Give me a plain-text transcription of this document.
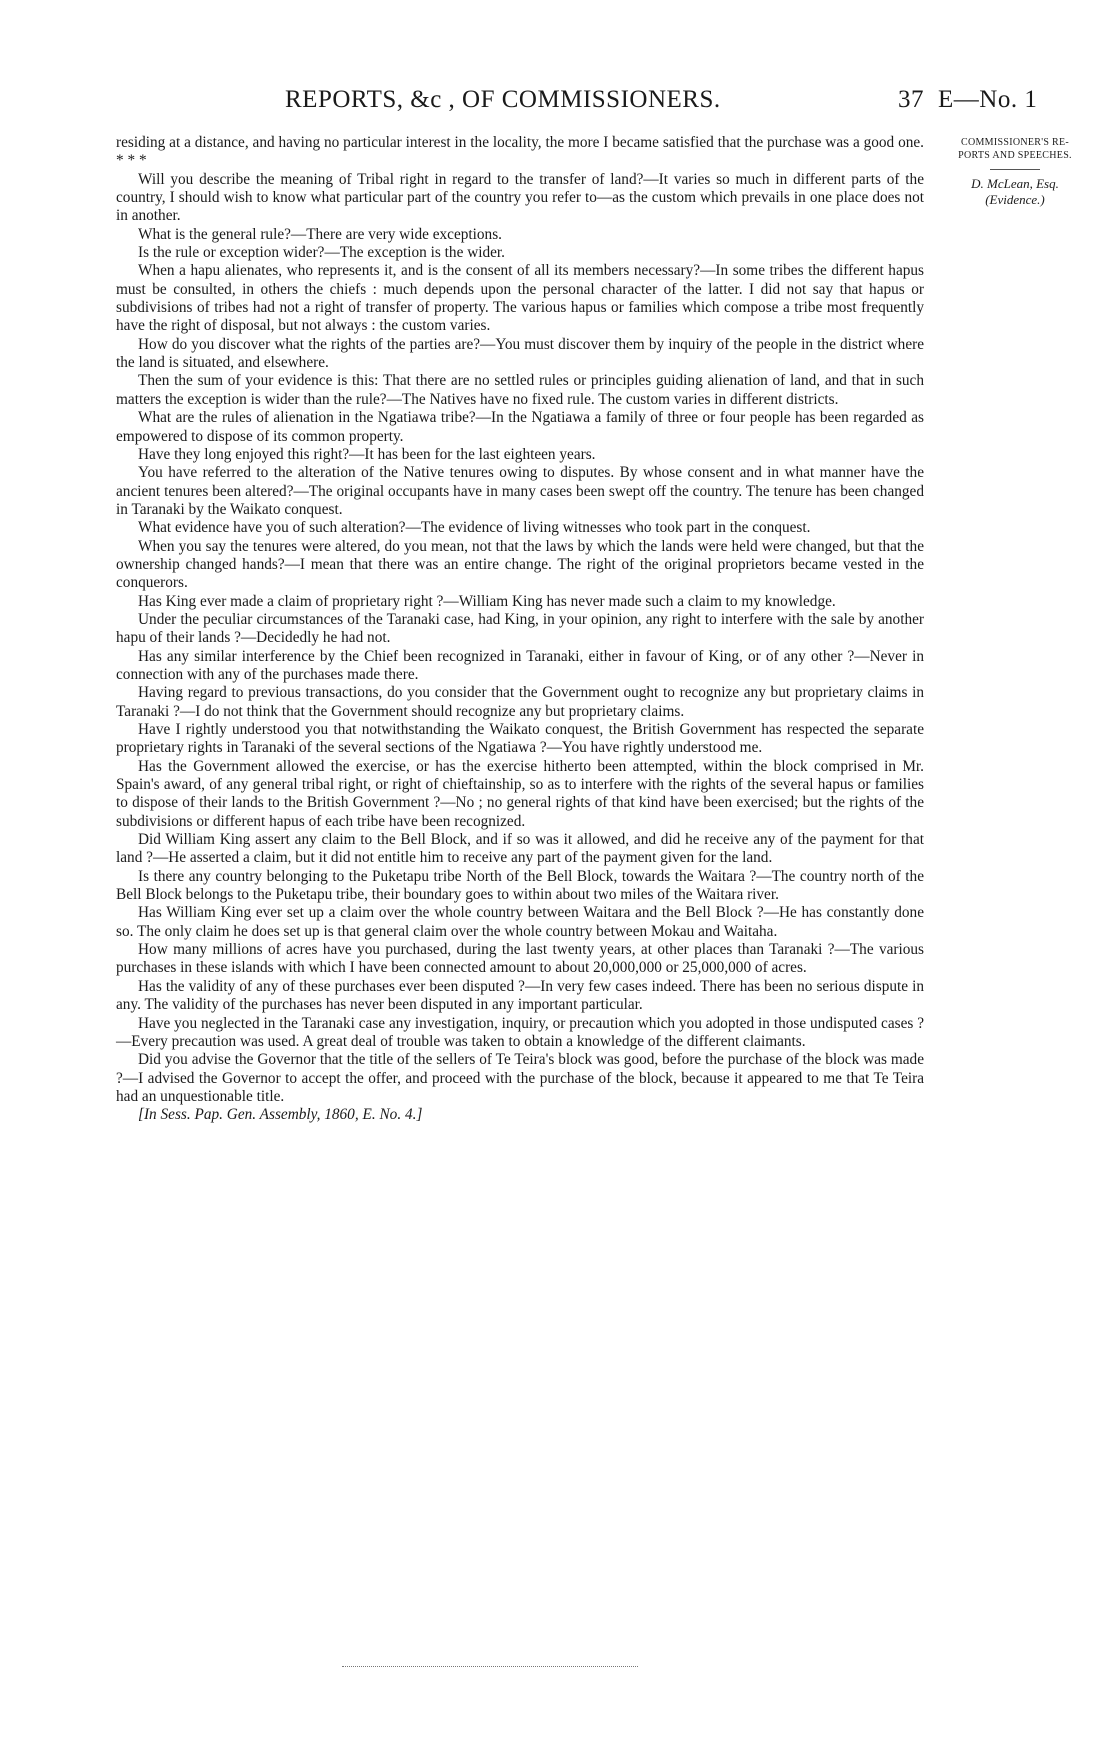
REPORTS, &c , OF COMMISSIONERS.	37 E—No. 1
COMMISSIONER'S RE-
PORTS AND SPEECHES.
D. McLean, Esq.
(Evidence.)

residing at a distance, and having no particular interest in the locality, the more I became satisfied that the purchase was a good one. * * *

Will you describe the meaning of Tribal right in regard to the transfer of land?—It varies so much in different parts of the country, I should wish to know what particular part of the country you refer to—as the custom which prevails in one place does not in another.

What is the general rule?—There are very wide exceptions.

Is the rule or exception wider?—The exception is the wider.

When a hapu alienates, who represents it, and is the consent of all its members necessary?—In some tribes the different hapus must be consulted, in others the chiefs : much depends upon the personal character of the latter. I did not say that hapus or subdivisions of tribes had not a right of transfer of property. The various hapus or families which compose a tribe most frequently have the right of disposal, but not always : the custom varies.

How do you discover what the rights of the parties are?—You must discover them by inquiry of the people in the district where the land is situated, and elsewhere.

Then the sum of your evidence is this: That there are no settled rules or principles guiding alienation of land, and that in such matters the exception is wider than the rule?—The Natives have no fixed rule. The custom varies in different districts.

What are the rules of alienation in the Ngatiawa tribe?—In the Ngatiawa a family of three or four people has been regarded as empowered to dispose of its common property.

Have they long enjoyed this right?—It has been for the last eighteen years.

You have referred to the alteration of the Native tenures owing to disputes. By whose consent and in what manner have the ancient tenures been altered?—The original occupants have in many cases been swept off the country. The tenure has been changed in Taranaki by the Waikato conquest.

What evidence have you of such alteration?—The evidence of living witnesses who took part in the conquest.

When you say the tenures were altered, do you mean, not that the laws by which the lands were held were changed, but that the ownership changed hands?—I mean that there was an entire change. The right of the original proprietors became vested in the conquerors.

Has King ever made a claim of proprietary right ?—William King has never made such a claim to my knowledge.

Under the peculiar circumstances of the Taranaki case, had King, in your opinion, any right to interfere with the sale by another hapu of their lands ?—Decidedly he had not.

Has any similar interference by the Chief been recognized in Taranaki, either in favour of King, or of any other ?—Never in connection with any of the purchases made there.

Having regard to previous transactions, do you consider that the Government ought to recognize any but proprietary claims in Taranaki ?—I do not think that the Government should recognize any but proprietary claims.

Have I rightly understood you that notwithstanding the Waikato conquest, the British Government has respected the separate proprietary rights in Taranaki of the several sections of the Ngatiawa ?—You have rightly understood me.

Has the Government allowed the exercise, or has the exercise hitherto been attempted, within the block comprised in Mr. Spain's award, of any general tribal right, or right of chieftainship, so as to interfere with the rights of the several hapus or families to dispose of their lands to the British Government ?—No ; no general rights of that kind have been exercised; but the rights of the subdivisions or different hapus of each tribe have been recognized.

Did William King assert any claim to the Bell Block, and if so was it allowed, and did he receive any of the payment for that land ?—He asserted a claim, but it did not entitle him to receive any part of the payment given for the land.

Is there any country belonging to the Puketapu tribe North of the Bell Block, towards the Waitara ?—The country north of the Bell Block belongs to the Puketapu tribe, their boundary goes to within about two miles of the Waitara river.

Has William King ever set up a claim over the whole country between Waitara and the Bell Block ?—He has constantly done so. The only claim he does set up is that general claim over the whole country between Mokau and Waitaha.

How many millions of acres have you purchased, during the last twenty years, at other places than Taranaki ?—The various purchases in these islands with which I have been connected amount to about 20,000,000 or 25,000,000 of acres.

Has the validity of any of these purchases ever been disputed ?—In very few cases indeed. There has been no serious dispute in any. The validity of the purchases has never been disputed in any important particular.

Have you neglected in the Taranaki case any investigation, inquiry, or precaution which you adopted in those undisputed cases ?—Every precaution was used. A great deal of trouble was taken to obtain a knowledge of the different claimants.

Did you advise the Governor that the title of the sellers of Te Teira's block was good, before the purchase of the block was made ?—I advised the Governor to accept the offer, and proceed with the purchase of the block, because it appeared to me that Te Teira had an unquestionable title.

[In Sess. Pap. Gen. Assembly, 1860, E. No. 4.]
